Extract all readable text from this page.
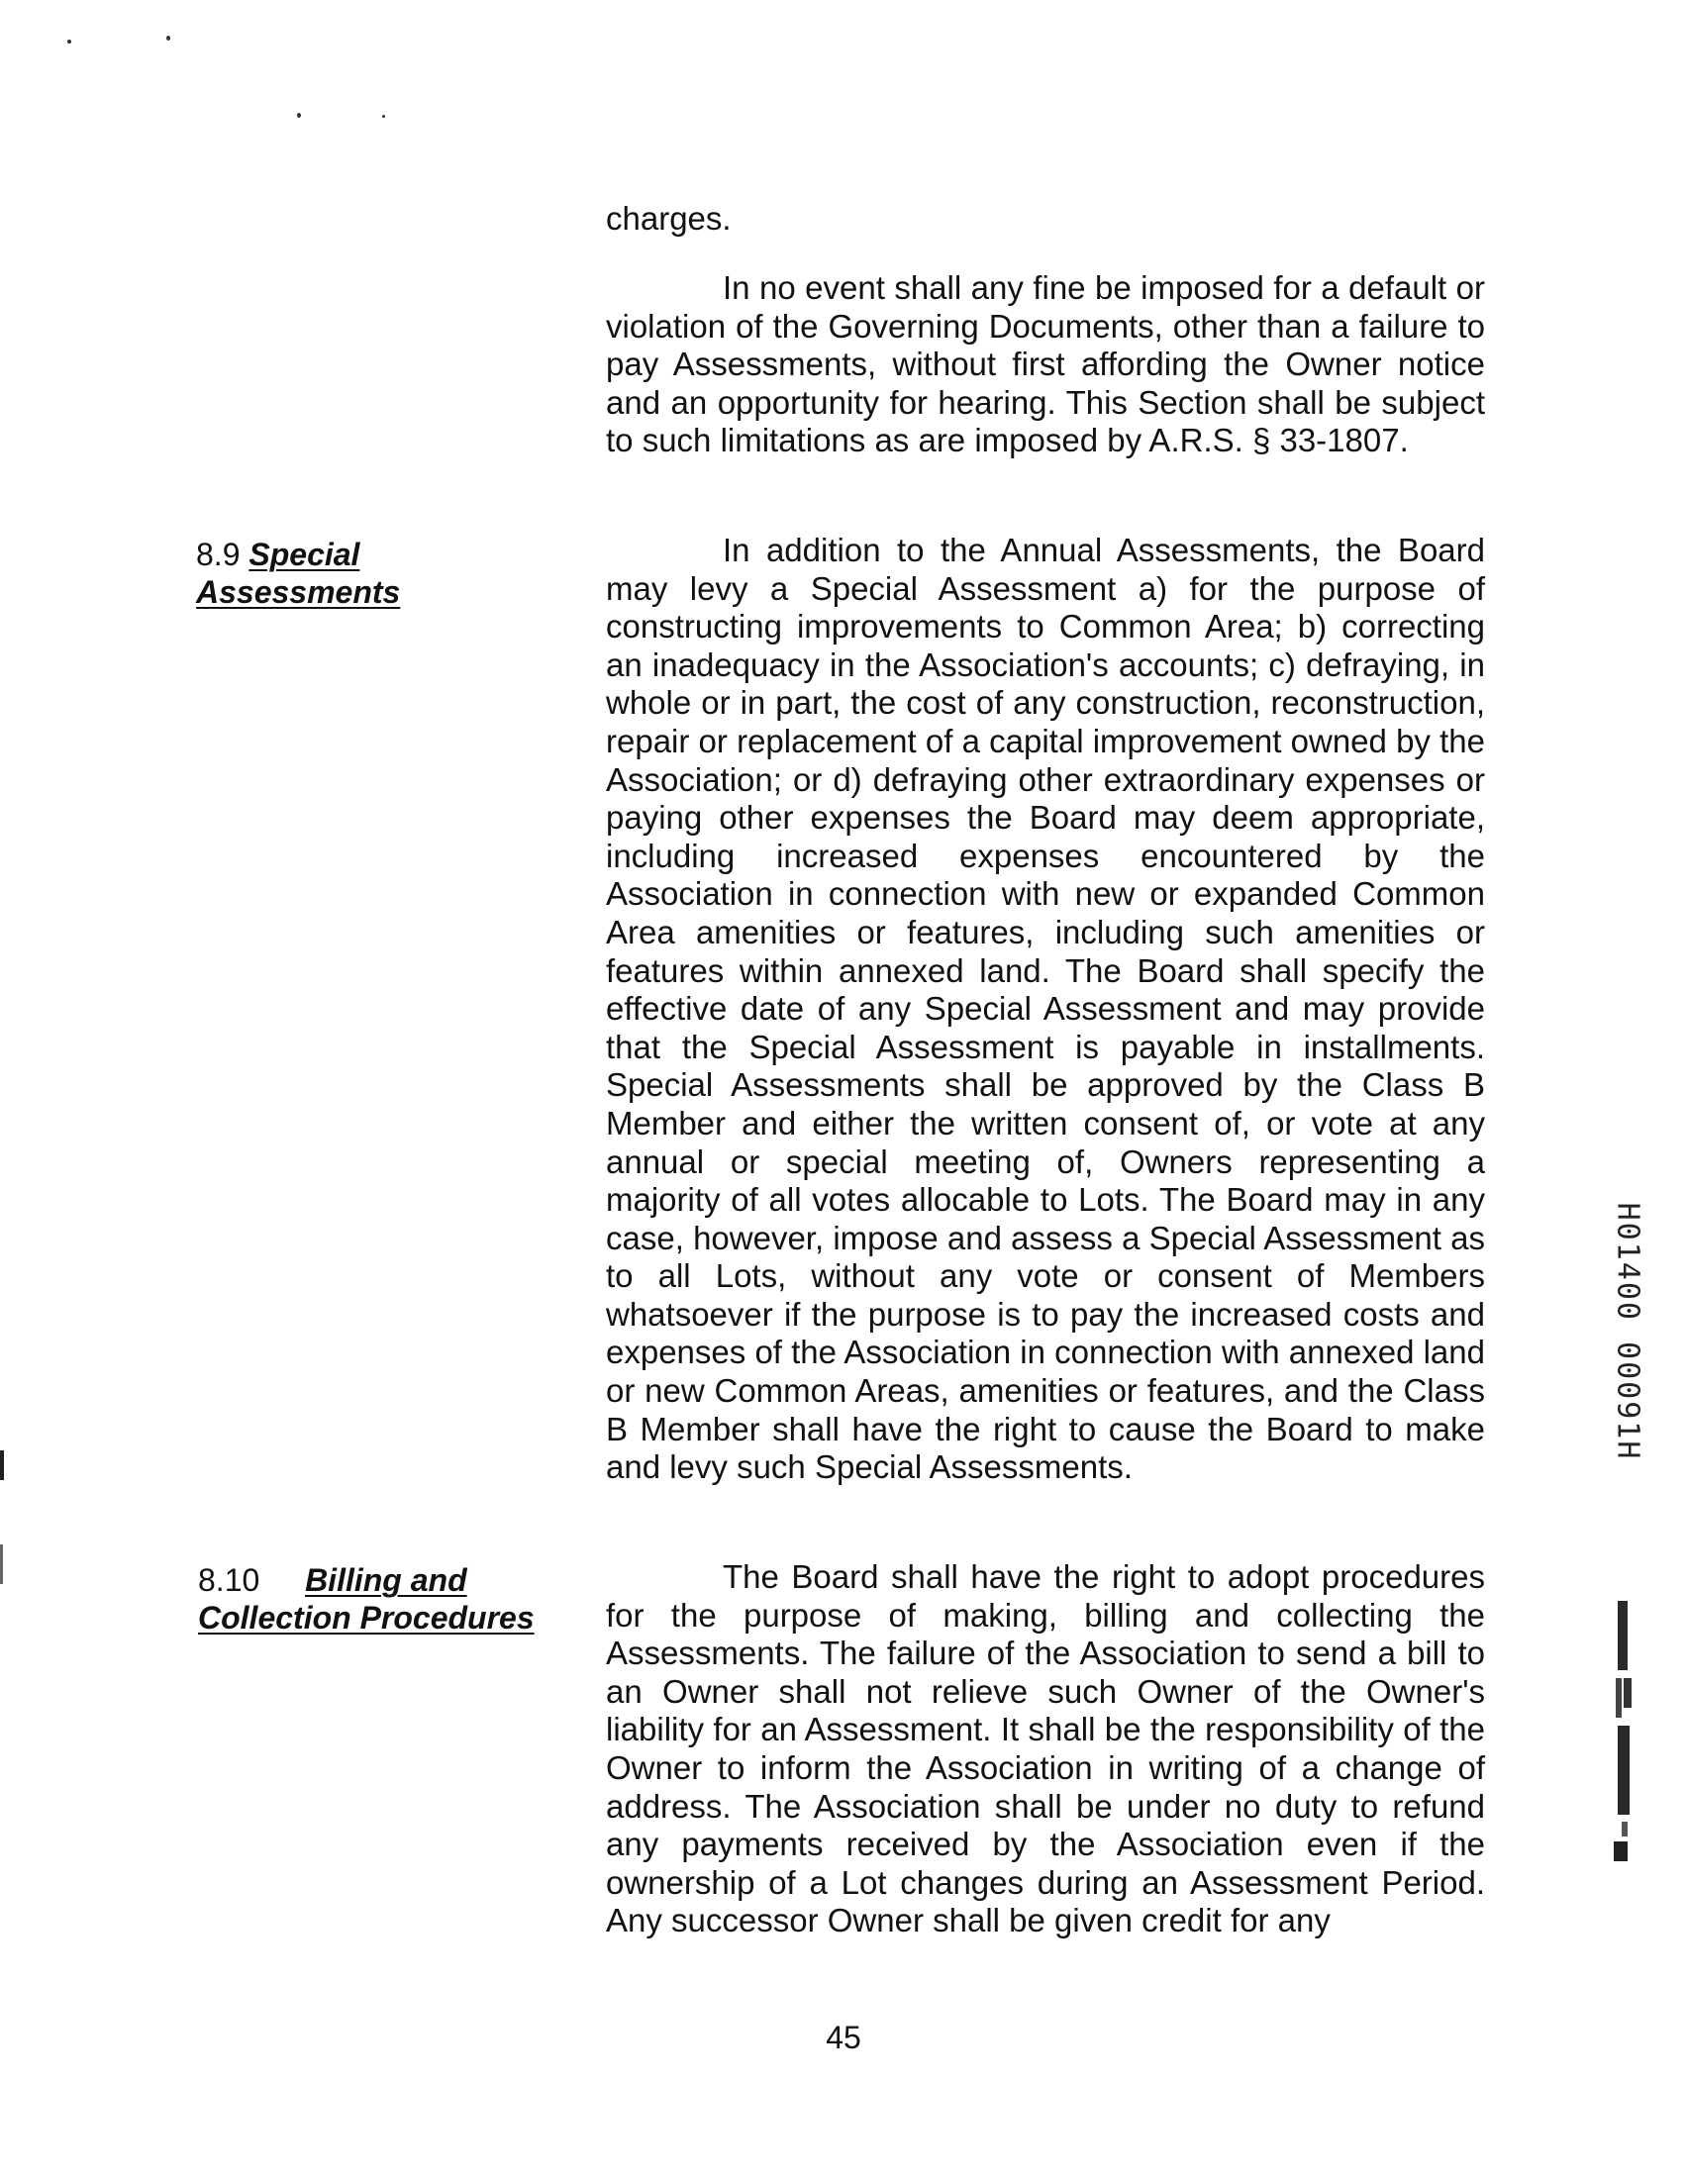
charges.

In no event shall any fine be imposed for a default or violation of the Governing Documents, other than a failure to pay Assessments, without first affording the Owner notice and an opportunity for hearing. This Section shall be subject to such limitations as are imposed by A.R.S. § 33-1807.

8.9 Special
Assessments

In addition to the Annual Assessments, the Board may levy a Special Assessment a) for the purpose of constructing improvements to Common Area; b) correcting an inadequacy in the Association's accounts; c) defraying, in whole or in part, the cost of any construction, reconstruction, repair or replacement of a capital improvement owned by the Association; or d) defraying other extraordinary expenses or paying other expenses the Board may deem appropriate, including increased expenses encountered by the Association in connection with new or expanded Common Area amenities or features, including such amenities or features within annexed land. The Board shall specify the effective date of any Special Assessment and may provide that the Special Assessment is payable in installments. Special Assessments shall be approved by the Class B Member and either the written consent of, or vote at any annual or special meeting of, Owners representing a majority of all votes allocable to Lots. The Board may in any case, however, impose and assess a Special Assessment as to all Lots, without any vote or consent of Members whatsoever if the purpose is to pay the increased costs and expenses of the Association in connection with annexed land or new Common Areas, amenities or features, and the Class B Member shall have the right to cause the Board to make and levy such Special Assessments.

8.10 Billing and
Collection Procedures

The Board shall have the right to adopt procedures for the purpose of making, billing and collecting the Assessments. The failure of the Association to send a bill to an Owner shall not relieve such Owner of the Owner's liability for an Assessment. It shall be the responsibility of the Owner to inform the Association in writing of a change of address. The Association shall be under no duty to refund any payments received by the Association even if the ownership of a Lot changes during an Assessment Period. Any successor Owner shall be given credit for any

45
H01400 00091H
